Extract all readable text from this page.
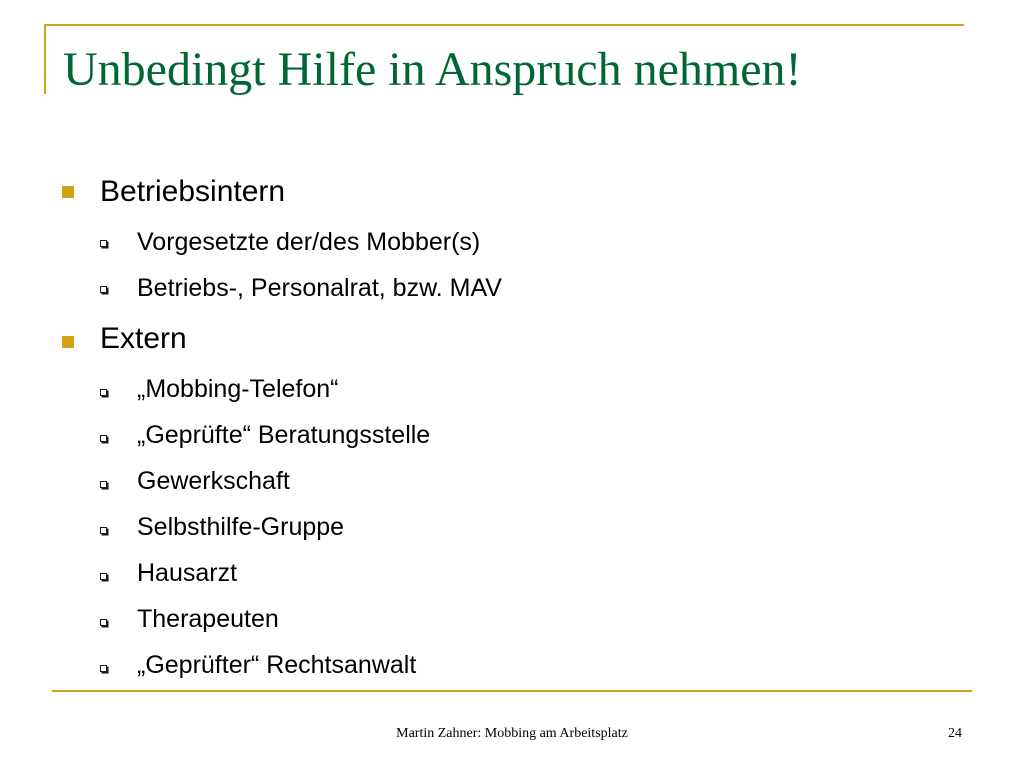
Unbedingt Hilfe in Anspruch nehmen!
Betriebsintern
Vorgesetzte der/des Mobber(s)
Betriebs-, Personalrat, bzw. MAV
Extern
„Mobbing-Telefon“
„Geprüfte“ Beratungsstelle
Gewerkschaft
Selbsthilfe-Gruppe
Hausarzt
Therapeuten
„Geprüfter“ Rechtsanwalt
Martin Zahner: Mobbing am Arbeitsplatz	24
